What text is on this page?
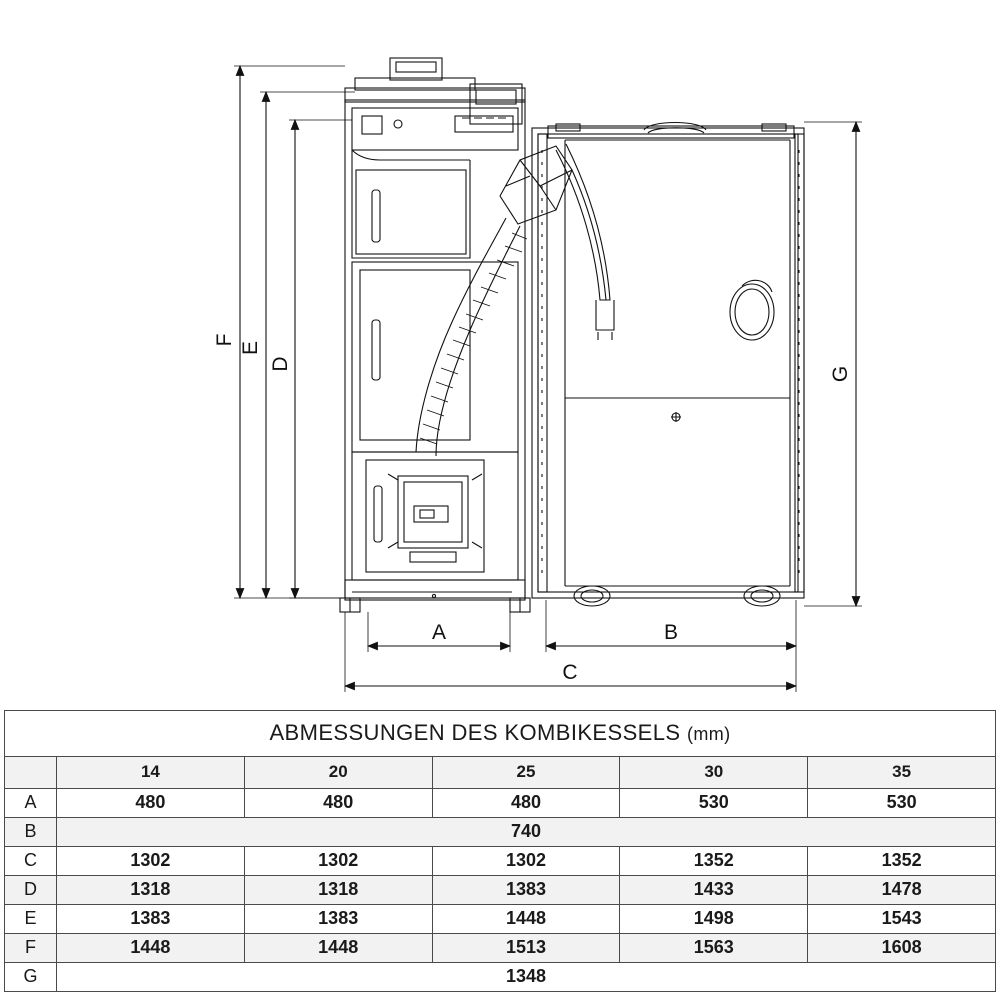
F
E
D
G
A	B
C
ABMESSUNGEN DES KOMBIKESSELS (mm)					
	14	20	25	30	35
A	480	480	480	530	530
B	740				
C	1302	1302	1302	1352	1352
D	1318	1318	1383	1433	1478
E	1383	1383	1448	1498	1543
F	1448	1448	1513	1563	1608
G	1348				
